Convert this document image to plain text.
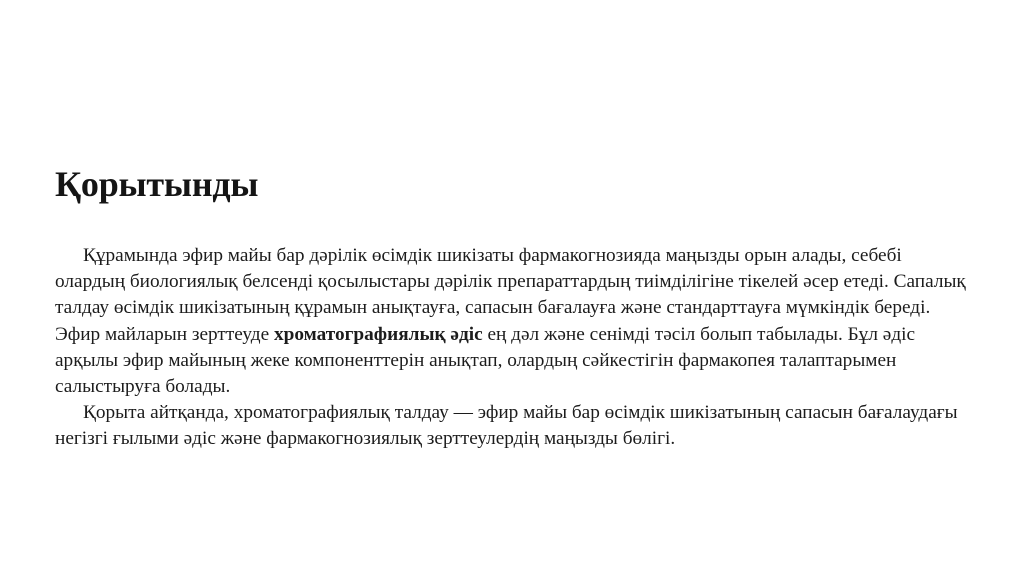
Қорытынды

Құрамында эфир майы бар дәрілік өсімдік шикізаты фармакогнозияда маңызды орын алады, себебі олардың биологиялық белсенді қосылыстары дәрілік препараттардың тиімділігіне тікелей әсер етеді. Сапалық талдау өсімдік шикізатының құрамын анықтауға, сапасын бағалауға және стандарттауға мүмкіндік береді. Эфир майларын зерттеуде хроматографиялық әдіс ең дәл және сенімді тәсіл болып табылады. Бұл әдіс арқылы эфир майының жеке компоненттерін анықтап, олардың сәйкестігін фармакопея талаптарымен салыстыруға болады.

Қорыта айтқанда, хроматографиялық талдау — эфир майы бар өсімдік шикізатының сапасын бағалаудағы негізгі ғылыми әдіс және фармакогнозиялық зерттеулердің маңызды бөлігі.
